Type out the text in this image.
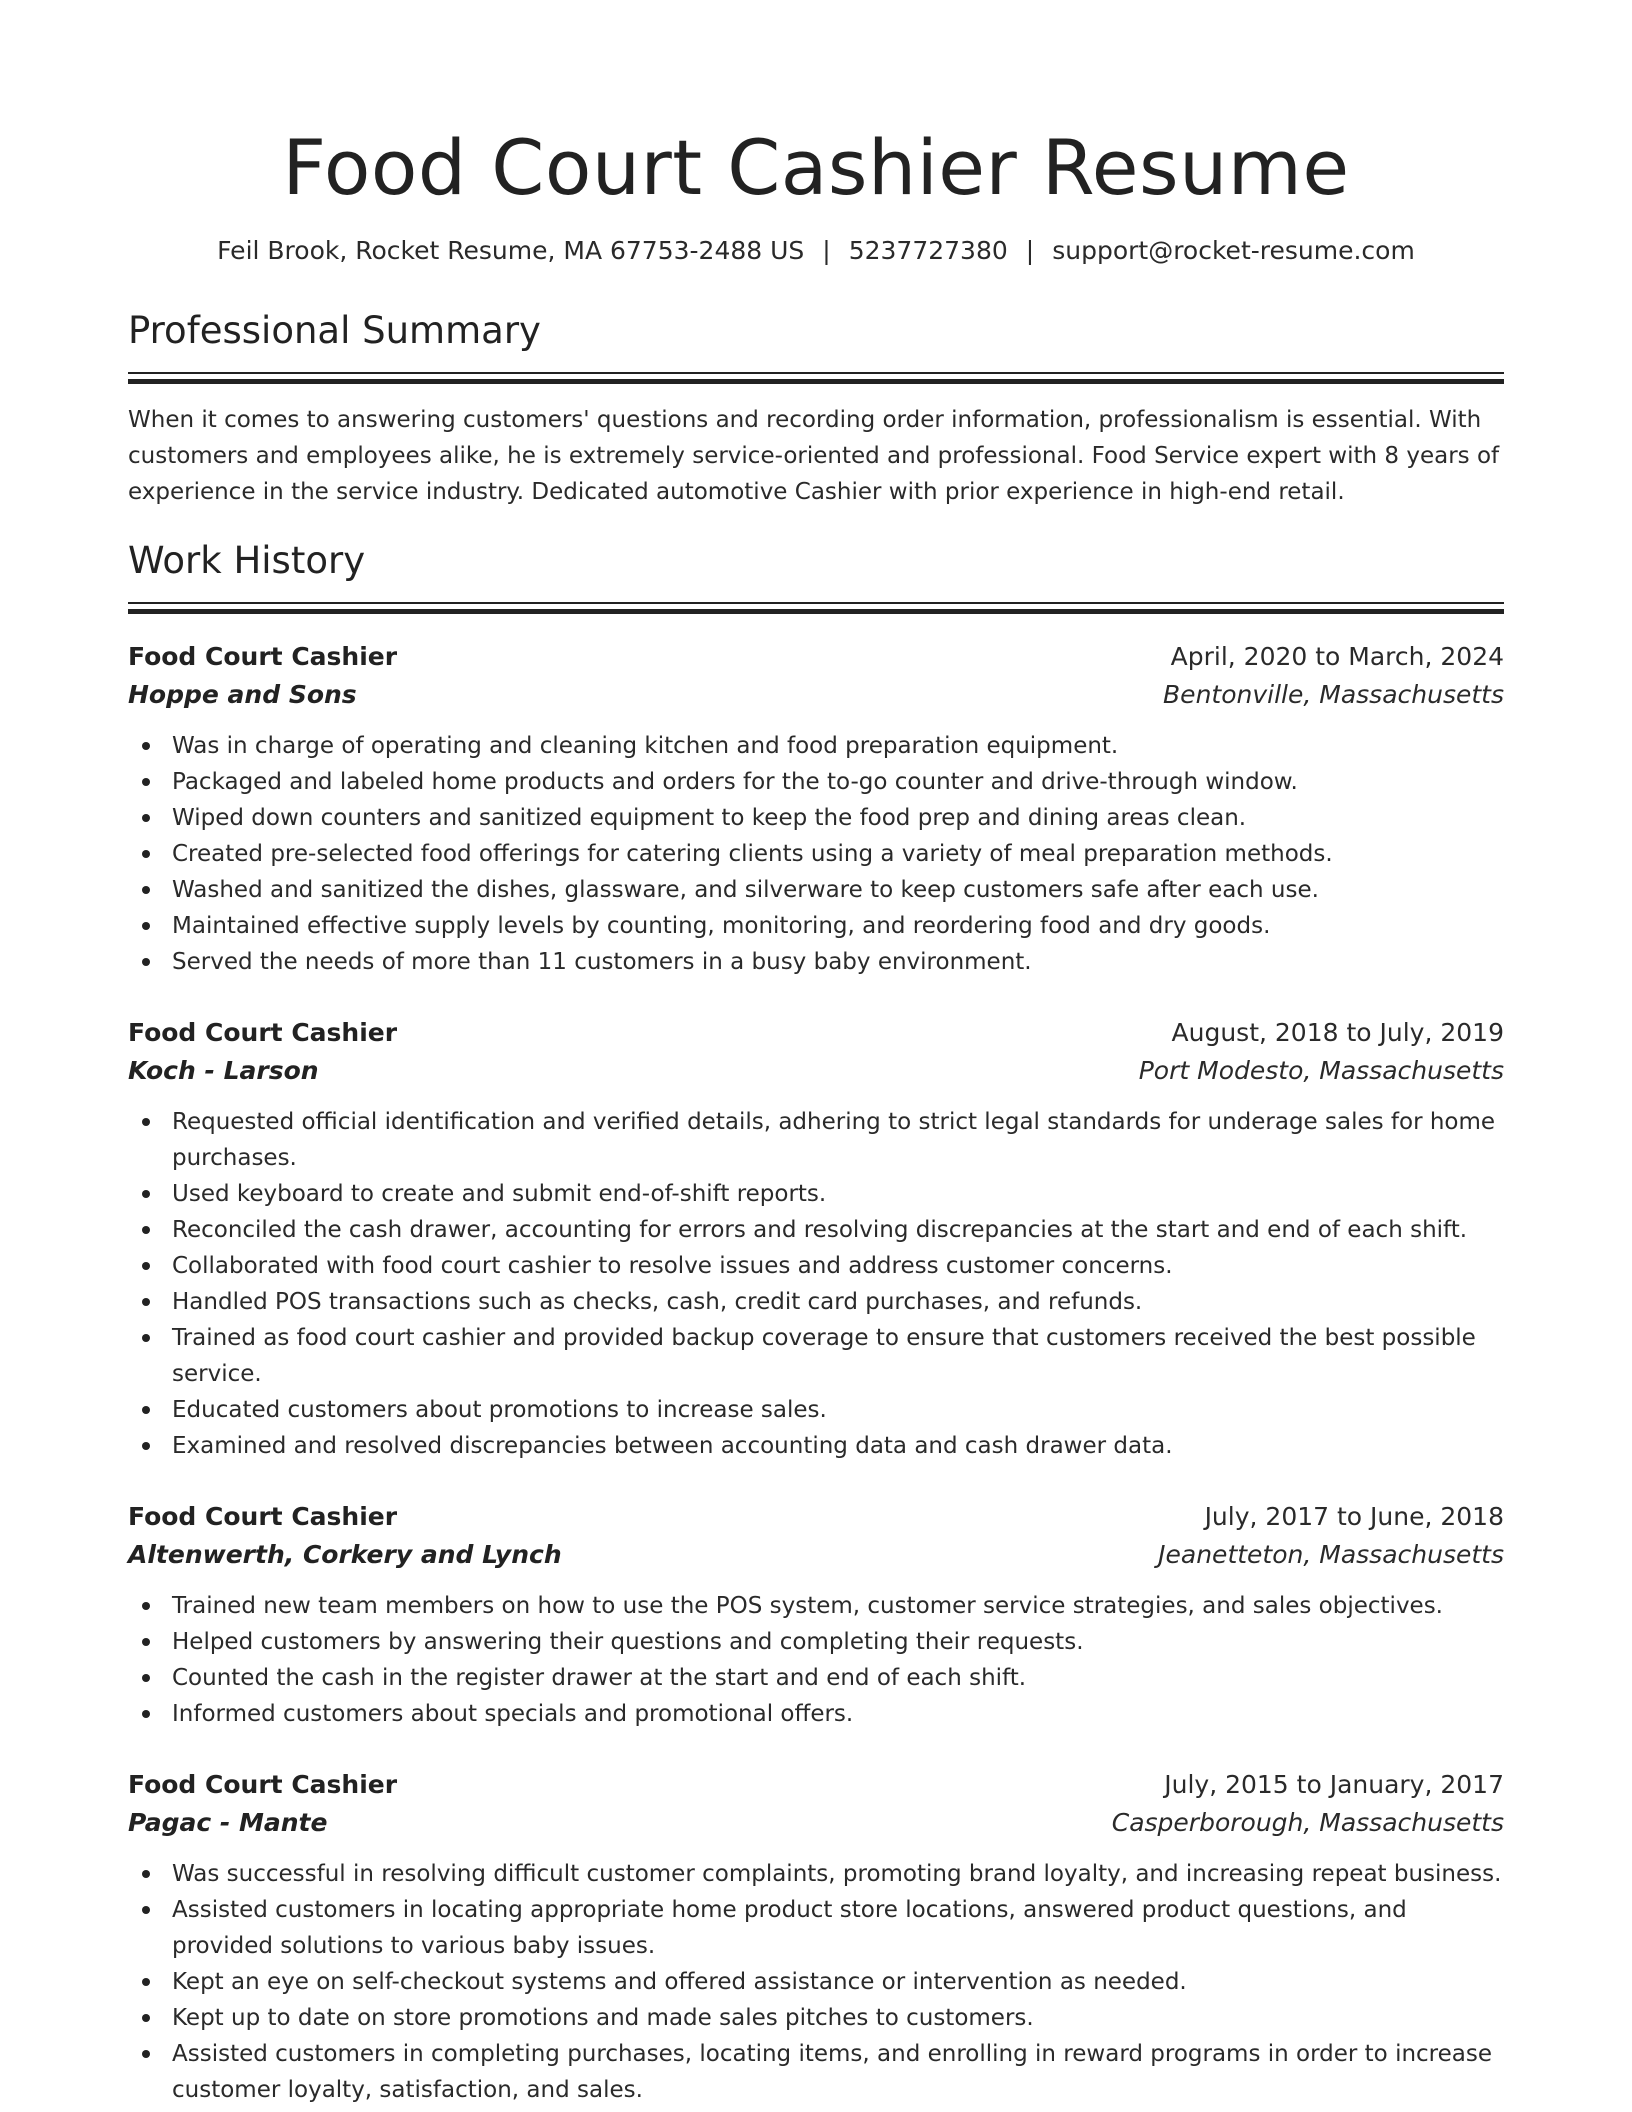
Food Court Cashier Resume
Feil Brook, Rocket Resume, MA 67753-2488 US | 5237727380 | support@rocket-resume.com
Professional Summary

When it comes to answering customers' questions and recording order information, professionalism is essential. With customers and employees alike, he is extremely service-oriented and professional. Food Service expert with 8 years of experience in the service industry. Dedicated automotive Cashier with prior experience in high-end retail.

Work History
Food Court Cashier	April, 2020 to March, 2024
Hoppe and Sons	Bentonville, Massachusetts
Was in charge of operating and cleaning kitchen and food preparation equipment.
Packaged and labeled home products and orders for the to-go counter and drive-through window.
Wiped down counters and sanitized equipment to keep the food prep and dining areas clean.
Created pre-selected food offerings for catering clients using a variety of meal preparation methods.
Washed and sanitized the dishes, glassware, and silverware to keep customers safe after each use.
Maintained effective supply levels by counting, monitoring, and reordering food and dry goods.
Served the needs of more than 11 customers in a busy baby environment.
Food Court Cashier	August, 2018 to July, 2019
Koch - Larson	Port Modesto, Massachusetts
Requested official identification and verified details, adhering to strict legal standards for underage sales for home purchases.
Used keyboard to create and submit end-of-shift reports.
Reconciled the cash drawer, accounting for errors and resolving discrepancies at the start and end of each shift.
Collaborated with food court cashier to resolve issues and address customer concerns.
Handled POS transactions such as checks, cash, credit card purchases, and refunds.
Trained as food court cashier and provided backup coverage to ensure that customers received the best possible service.
Educated customers about promotions to increase sales.
Examined and resolved discrepancies between accounting data and cash drawer data.
Food Court Cashier	July, 2017 to June, 2018
Altenwerth, Corkery and Lynch	Jeanetteton, Massachusetts
Trained new team members on how to use the POS system, customer service strategies, and sales objectives.
Helped customers by answering their questions and completing their requests.
Counted the cash in the register drawer at the start and end of each shift.
Informed customers about specials and promotional offers.
Food Court Cashier	July, 2015 to January, 2017
Pagac - Mante	Casperborough, Massachusetts
Was successful in resolving difficult customer complaints, promoting brand loyalty, and increasing repeat business.
Assisted customers in locating appropriate home product store locations, answered product questions, and provided solutions to various baby issues.
Kept an eye on self-checkout systems and offered assistance or intervention as needed.
Kept up to date on store promotions and made sales pitches to customers.
Assisted customers in completing purchases, locating items, and enrolling in reward programs in order to increase customer loyalty, satisfaction, and sales.
